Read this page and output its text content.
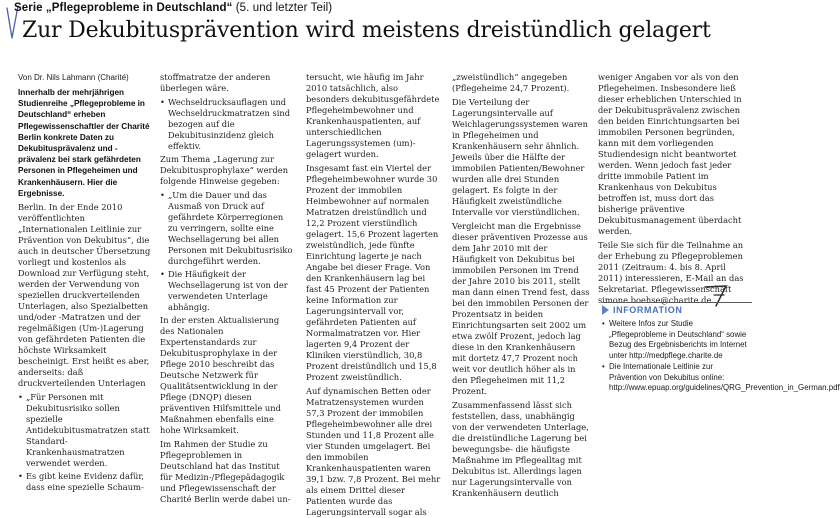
Serie „Pflegeprobleme in Deutschland“ (5. und letzter Teil)
Zur Dekubitusprävention wird meistens dreistündlich gelagert

Von Dr. Nils Lahmann (Charité)

Innerhalb der mehrjährigen Studienreihe „Pflegeprobleme in Deutschland“ erheben Pflegewissenschaftler der Charité Berlin konkrete Daten zu Dekubitusprävalenz und -prävalenz bei stark gefährdeten Personen in Pflegeheimen und Krankenhäusern. Hier die Ergebnisse.

Berlin. In der Ende 2010 veröffentlichten „Internationalen Leitlinie zur Prävention von Dekubitus“, die auch in deutscher Übersetzung vorliegt und kostenlos als Download zur Verfügung steht, werden der Verwendung von speziellen druckverteilenden Unterlagen, also Spezialbetten und/oder -Matratzen und der regelmäßigen (Um-)Lagerung von gefährdeten Patienten die höchste Wirksamkeit bescheinigt. Erst heißt es aber, anderseits: daß druckverteilenden Unterlagen

• „Für Personen mit Dekubitusrisiko sollen spezielle Antidekubitusmatratzen statt Standard-Krankenhausmatratzen verwendet werden.
• Es gibt keine Evidenz dafür, dass eine spezielle Schaum-

stoffmatratze der anderen überlegen wäre.

• Wechseldrucksauflagen und Wechseldruckmatratzen sind bezogen auf die Dekubitusinzidenz gleich effektiv.

Zum Thema „Lagerung zur Dekubitusprophylaxe“ werden folgende Hinweise gegeben:

• „Um die Dauer und das Ausmaß von Druck auf gefährdete Körperregionen zu verringern, sollte eine Wechsellagerung bei allen Personen mit Dekubitusrisiko durchgeführt werden.
• Die Häufigkeit der Wechsellagerung ist von der verwendeten Unterlage abhängig.

In der ersten Aktualisierung des Nationalen Expertenstandards zur Dekubitusprophylaxe in der Pflege 2010 beschreibt das Deutsche Netzwerk für Qualitätsentwicklung in der Pflege (DNQP) diesen präventiven Hilfsmittele und Maßnahmen ebenfalls eine hohe Wirksamkeit.

Im Rahmen der Studie zu Pflegeproblemen in Deutschland hat das Institut für Medizin-/Pflegepädagogik und Pflegewissenschaft der Charité Berlin werde dabei un-

tersucht, wie häufig im Jahr 2010 tatsächlich, also besonders dekubitusgefährdete Pflegeheimbewohner und Krankenhauspatienten, auf unterschiedlichen Lagerungssystemen (um)-gelagert wurden.

Insgesamt fast ein Viertel der Pflegeheimbewohner wurde 30 Prozent der immobilen Heimbewohner auf normalen Matratzen dreistündlich und 12,2 Prozent vierstündlich gelagert. 15,6 Prozent lagerten zweistündlich, jede fünfte Einrichtung lagerte je nach Angabe bei dieser Frage. Von den Krankenhäusern lag bei fast 45 Prozent der Patienten keine Information zur Lagerungsintervall vor, gefährdeten Patienten auf Normalmatratzen vor. Hier lagerten 9,4 Prozent der Kliniken vierstündlich, 30,8 Prozent dreistündlich und 15,8 Prozent zweistündlich.

Auf dynamischen Betten oder Matratzensystemen wurden 57,3 Prozent der immobilen Pflegeheimbewohner alle drei Stunden und 11,8 Prozent alle vier Stunden umgelagert. Bei den immobilen Krankenhauspatienten waren 39,1 bzw. 7,8 Prozent. Bei mehr als einem Drittel dieser Patienten wurde das Lagerungsintervall sogar als

„zweistündlich“ angegeben (Pflegeheime 24,7 Prozent).

Die Verteilung der Lagerungsintervalle auf Weichlagerungssystemen waren in Pflegeheimen und Krankenhäusern sehr ähnlich. Jeweils über die Hälfte der immobilen Patienten/Bewohner wurden alle drei Stunden gelagert. Es folgte in der Häufigkeit zweistündliche Intervalle vor vierstündlichen.

Vergleicht man die Ergebnisse dieser präventiven Prozesse aus dem Jahr 2010 mit der Häufigkeit von Dekubitus bei immobilen Personen im Trend der Jahre 2010 bis 2011, stellt man dann einen Trend fest, dass bei den immobilen Personen der Prozentsatz in beiden Einrichtungsarten seit 2002 um etwa zwölf Prozent, jedoch lag diese in den Krankenhäusern mit dortetz 47,7 Prozent noch weit vor deutlich höher als in den Pflegeheimen mit 11,2 Prozent.

Zusammenfassend lässt sich feststellen, dass, unabhängig von der verwendeten Unterlage, die dreistündliche Lagerung bei bewegungsbe- die häufigste Maßnahme im Pflegealltag mit Dekubitus ist. Allerdings lagen nur Lagerungsintervalle von Krankenhäusern deutlich

weniger Angaben vor als von den Pflegeheimen. Insbesondere ließ dieser erheblichen Unterschied in der Dekubitusprävalenz zwischen den beiden Einrichtungsarten bei immobilen Personen begründen, kann mit dem vorliegenden Studiendesign nicht beantwortet werden. Wenn jedoch fast jeder dritte immobile Patient im Krankenhaus von Dekubitus betroffen ist, muss dort das bisherige präventive Dekubitusmanagement überdacht werden.

Teile Sie sich für die Teilnahme an der Erhebung zu Pflegeproblemen 2011 (Zeitraum: 4. bis 8. April 2011) interessieren, E-Mail an das Sekretariat. Pflegewissenschaft simone.boehse@charite.de.

INFORMATION
• Weitere Infos zur Studie „Pflegeprobleme in Deutschland“ sowie Bezug des Ergebnisberichts im Internet unter http://medpflege.charite.de
• Die Internationale Leitlinie zur Prävention von Dekubitus online: http://www.epuap.org/guidelines/QRG_Prevention_in_German.pdf
